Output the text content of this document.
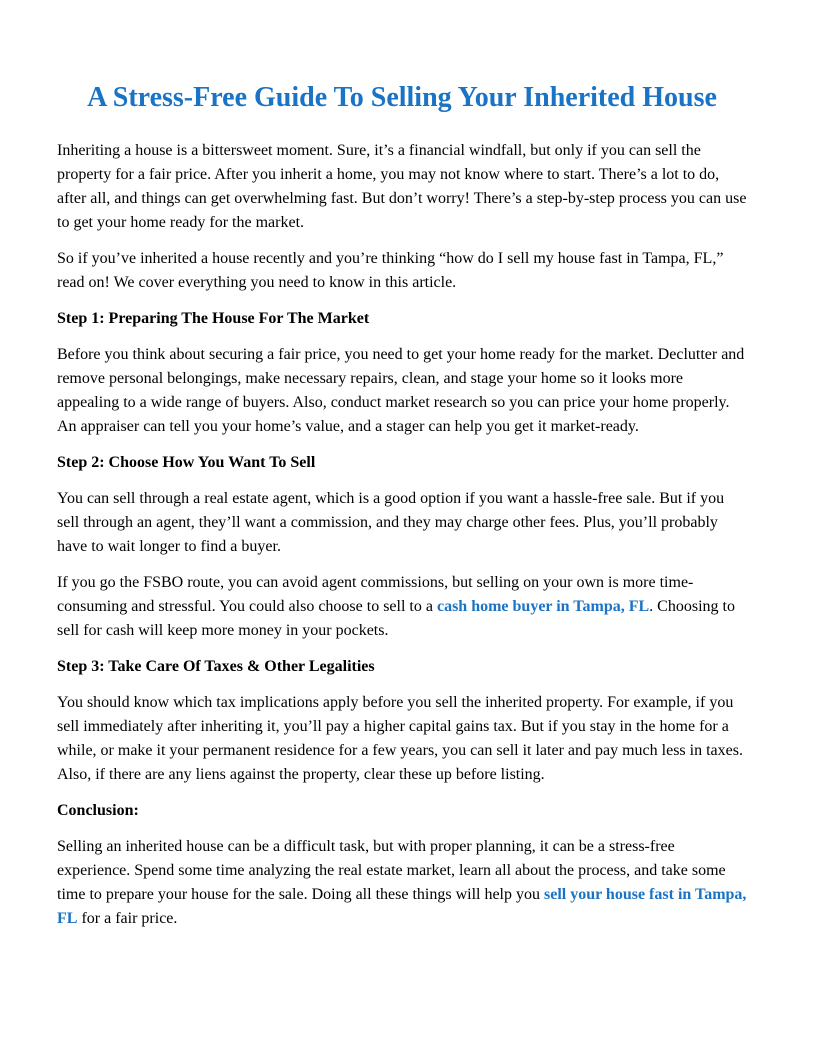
A Stress-Free Guide To Selling Your Inherited House

Inheriting a house is a bittersweet moment. Sure, it’s a financial windfall, but only if you can sell the property for a fair price. After you inherit a home, you may not know where to start. There’s a lot to do, after all, and things can get overwhelming fast. But don’t worry! There’s a step-by-step process you can use to get your home ready for the market.

So if you’ve inherited a house recently and you’re thinking “how do I sell my house fast in Tampa, FL,” read on! We cover everything you need to know in this article.

Step 1: Preparing The House For The Market

Before you think about securing a fair price, you need to get your home ready for the market. Declutter and remove personal belongings, make necessary repairs, clean, and stage your home so it looks more appealing to a wide range of buyers. Also, conduct market research so you can price your home properly. An appraiser can tell you your home’s value, and a stager can help you get it market-ready.

Step 2: Choose How You Want To Sell

You can sell through a real estate agent, which is a good option if you want a hassle-free sale. But if you sell through an agent, they’ll want a commission, and they may charge other fees. Plus, you’ll probably have to wait longer to find a buyer.

If you go the FSBO route, you can avoid agent commissions, but selling on your own is more time-consuming and stressful. You could also choose to sell to a cash home buyer in Tampa, FL. Choosing to sell for cash will keep more money in your pockets.

Step 3: Take Care Of Taxes & Other Legalities

You should know which tax implications apply before you sell the inherited property. For example, if you sell immediately after inheriting it, you’ll pay a higher capital gains tax. But if you stay in the home for a while, or make it your permanent residence for a few years, you can sell it later and pay much less in taxes. Also, if there are any liens against the property, clear these up before listing.

Conclusion:

Selling an inherited house can be a difficult task, but with proper planning, it can be a stress-free experience. Spend some time analyzing the real estate market, learn all about the process, and take some time to prepare your house for the sale. Doing all these things will help you sell your house fast in Tampa, FL for a fair price.
